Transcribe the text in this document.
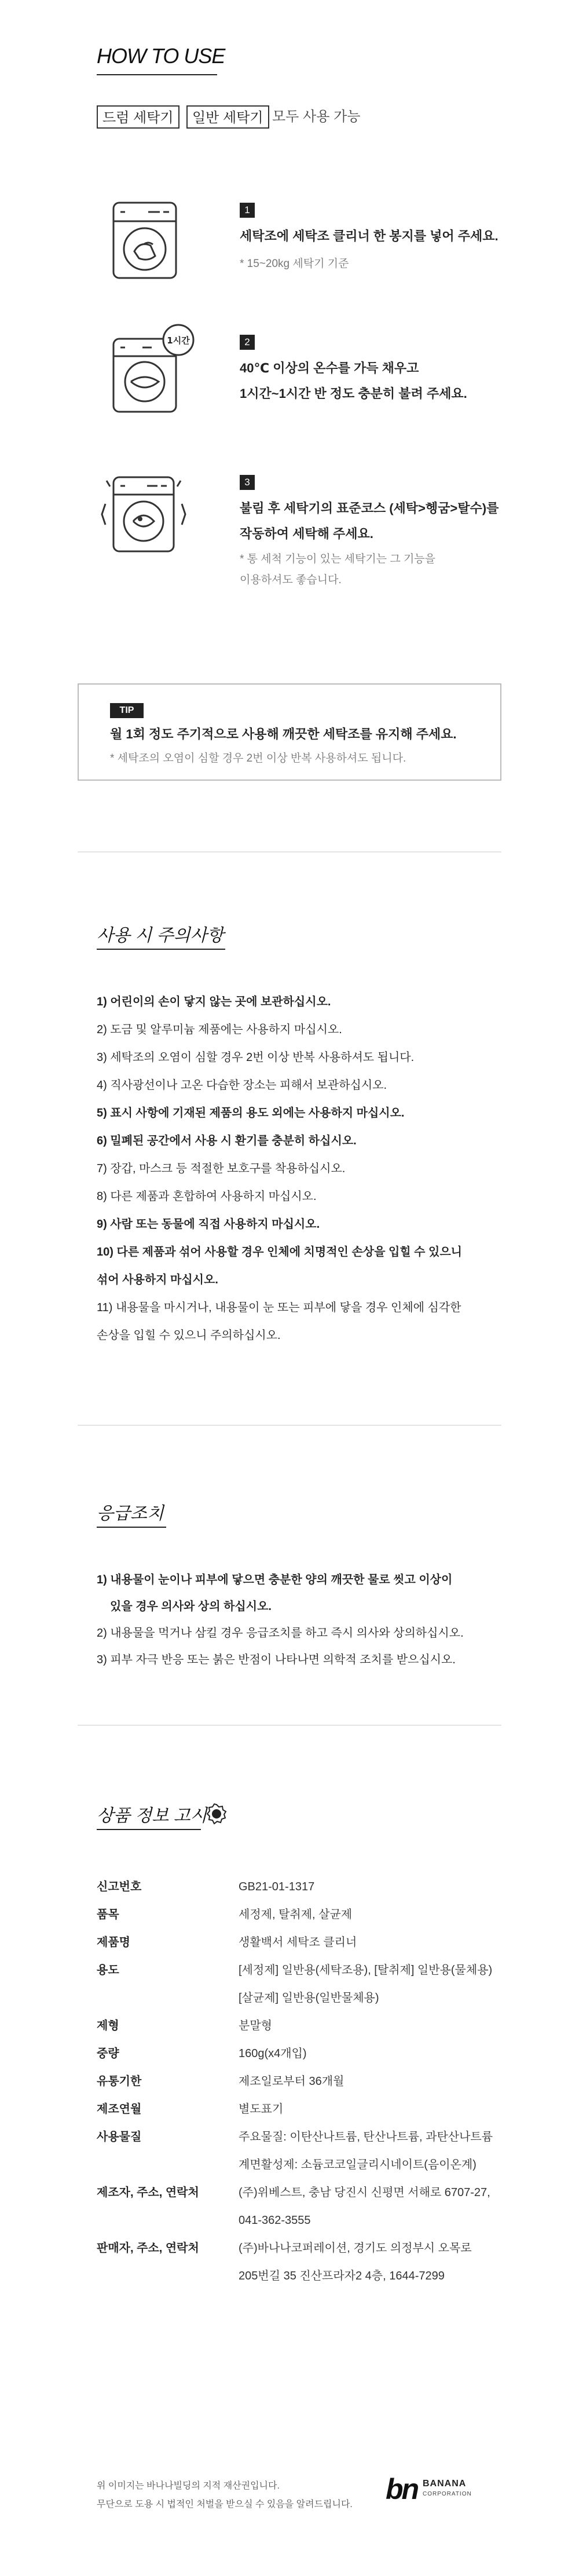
HOW TO USE
드럼 세탁기	일반 세탁기 모두 사용 가능
1
세탁조에 세탁조 클리너 한 봉지를 넣어 주세요.
* 15~20kg 세탁기 기준
1시간	2
40℃ 이상의 온수를 가득 채우고
1시간~1시간 반 정도 충분히 불려 주세요.
3
불림 후 세탁기의 표준코스 (세탁>헹굼>탈수)를
작동하여 세탁해 주세요.
* 통 세척 기능이 있는 세탁기는 그 기능을
이용하셔도 좋습니다.
TIP
월 1회 정도 주기적으로 사용해 깨끗한 세탁조를 유지해 주세요.
* 세탁조의 오염이 심할 경우 2번 이상 반복 사용하셔도 됩니다.
사용 시 주의사항
1) 어린이의 손이 닿지 않는 곳에 보관하십시오.
2) 도금 및 알루미늄 제품에는 사용하지 마십시오.
3) 세탁조의 오염이 심할 경우 2번 이상 반복 사용하셔도 됩니다.
4) 직사광선이나 고온 다습한 장소는 피해서 보관하십시오.
5) 표시 사항에 기재된 제품의 용도 외에는 사용하지 마십시오.
6) 밀폐된 공간에서 사용 시 환기를 충분히 하십시오.
7) 장갑, 마스크 등 적절한 보호구를 착용하십시오.
8) 다른 제품과 혼합하여 사용하지 마십시오.
9) 사람 또는 동물에 직접 사용하지 마십시오.
10) 다른 제품과 섞어 사용할 경우 인체에 치명적인 손상을 입힐 수 있으니
섞어 사용하지 마십시오.
11) 내용물을 마시거나, 내용물이 눈 또는 피부에 닿을 경우 인체에 심각한
손상을 입힐 수 있으니 주의하십시오.
응급조치
1) 내용물이 눈이나 피부에 닿으면 충분한 양의 깨끗한 물로 씻고 이상이
있을 경우 의사와 상의 하십시오.
2) 내용물을 먹거나 삼킬 경우 응급조치를 하고 즉시 의사와 상의하십시오.
3) 피부 자극 반응 또는 붉은 반점이 나타나면 의학적 조치를 받으십시오.
상품 정보 고시
신고번호	GB21-01-1317
품목	세정제, 탈취제, 살균제
제품명	생활백서 세탁조 클리너
용도	[세정제] 일반용(세탁조용), [탈취제] 일반용(물체용)
[살균제] 일반용(일반물체용)
제형	분말형
중량	160g(x4개입)
유통기한	제조일로부터 36개월
제조연월	별도표기
사용물질	주요물질: 이탄산나트륨, 탄산나트륨, 과탄산나트륨
계면활성제: 소듐코코일글리시네이트(음이온계)
제조자, 주소, 연락처	(주)위베스트, 충남 당진시 신평면 서해로 6707-27,
041-362-3555
판매자, 주소, 연락처	(주)바나나코퍼레이션, 경기도 의정부시 오목로
205번길 35 진산프라자2 4층, 1644-7299
위 이미지는 바나나빌딩의 지적 재산권입니다.
무단으로 도용 시 법적인 처벌을 받으실 수 있음을 알려드립니다. bn BANANA
CORPORATION
